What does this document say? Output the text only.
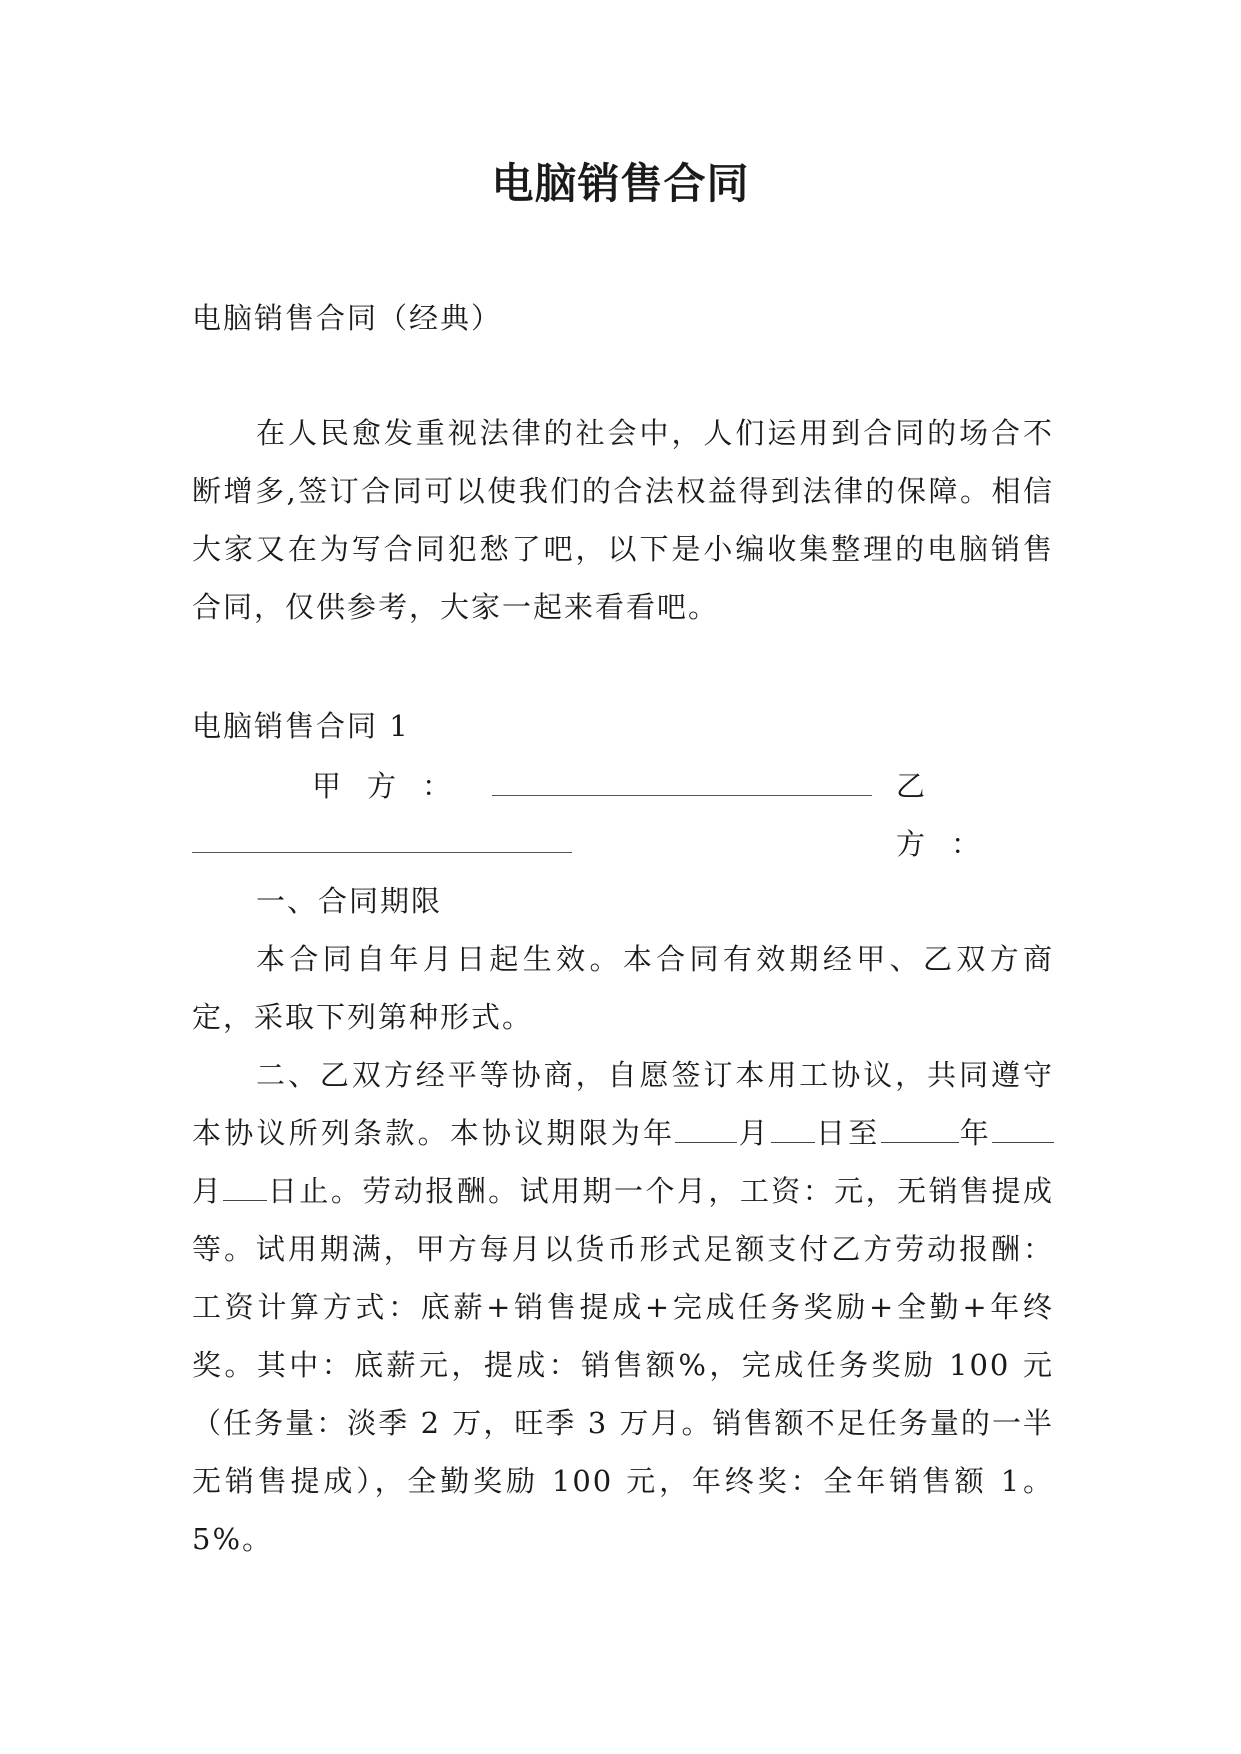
电脑销售合同

电脑销售合同（经典）

在人民愈发重视法律的社会中，人们运用到合同的场合不断增多,签订合同可以使我们的合法权益得到法律的保障。相信大家又在为写合同犯愁了吧，以下是小编收集整理的电脑销售合同，仅供参考，大家一起来看看吧。

电脑销售合同 1

甲方：	乙方：

一、合同期限

本合同自年月日起生效。本合同有效期经甲、乙双方商定，采取下列第种形式。

二、乙双方经平等协商，自愿签订本用工协议，共同遵守本协议所列条款。本协议期限为年 月 日至	年月 日止。劳动报酬。试用期一个月，工资：元，无销售提成等。试用期满，甲方每月以货币形式足额支付乙方劳动报酬：工资计算方式：底薪+销售提成+完成任务奖励+全勤+年终奖。其中：底薪元，提成：销售额%，完成任务奖励 100 元（任务量：淡季 2 万，旺季 3 万月。销售额不足任务量的一半无销售提成），全勤奖励 100 元，年终奖：全年销售额 1。5%。
